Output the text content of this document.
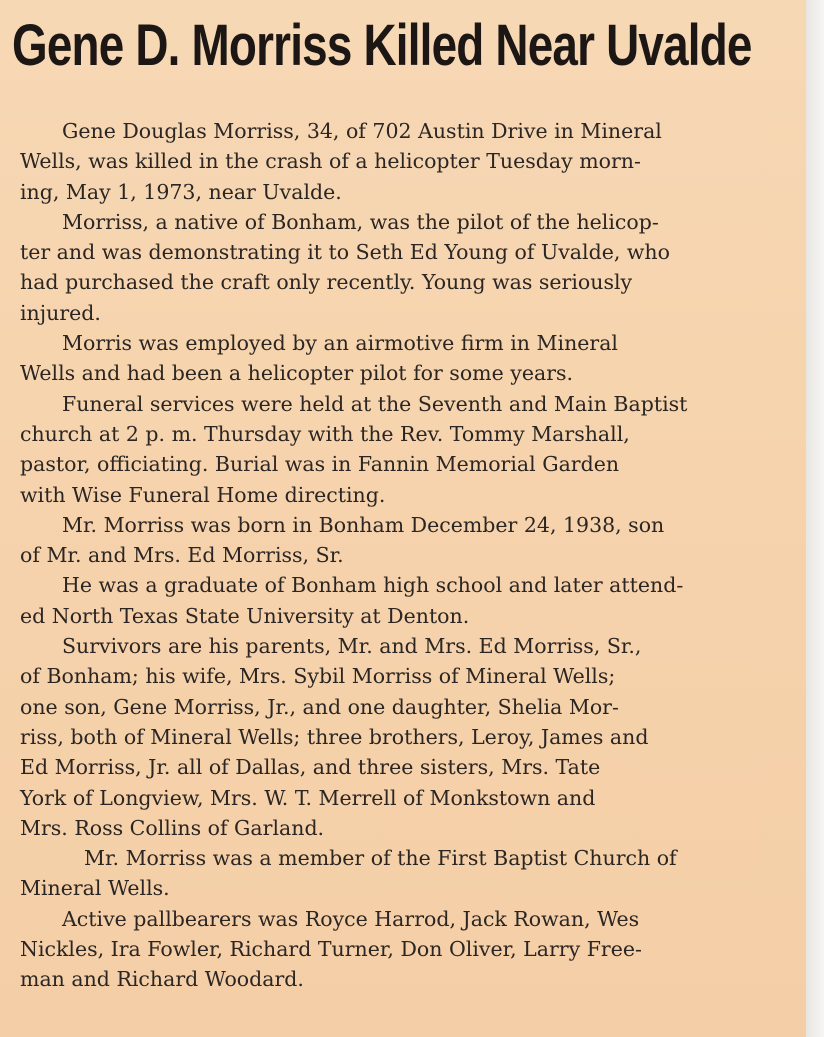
Gene D. Morriss Killed Near Uvalde
Gene Douglas Morriss, 34, of 702 Austin Drive in Mineral
Wells, was killed in the crash of a helicopter Tuesday morn-
ing, May 1, 1973, near Uvalde.
Morriss, a native of Bonham, was the pilot of the helicop-
ter and was demonstrating it to Seth Ed Young of Uvalde, who
had purchased the craft only recently. Young was seriously
injured.
Morris was employed by an airmotive firm in Mineral
Wells and had been a helicopter pilot for some years.
Funeral services were held at the Seventh and Main Baptist
church at 2 p. m. Thursday with the Rev. Tommy Marshall,
pastor, officiating. Burial was in Fannin Memorial Garden
with Wise Funeral Home directing.
Mr. Morriss was born in Bonham December 24, 1938, son
of Mr. and Mrs. Ed Morriss, Sr.
He was a graduate of Bonham high school and later attend-
ed North Texas State University at Denton.
Survivors are his parents, Mr. and Mrs. Ed Morriss, Sr.,
of Bonham; his wife, Mrs. Sybil Morriss of Mineral Wells;
one son, Gene Morriss, Jr., and one daughter, Shelia Mor-
riss, both of Mineral Wells; three brothers, Leroy, James and
Ed Morriss, Jr. all of Dallas, and three sisters, Mrs. Tate
York of Longview, Mrs. W. T. Merrell of Monkstown and
Mrs. Ross Collins of Garland.
Mr. Morriss was a member of the First Baptist Church of
Mineral Wells.
Active pallbearers was Royce Harrod, Jack Rowan, Wes
Nickles, Ira Fowler, Richard Turner, Don Oliver, Larry Free-
man and Richard Woodard.
